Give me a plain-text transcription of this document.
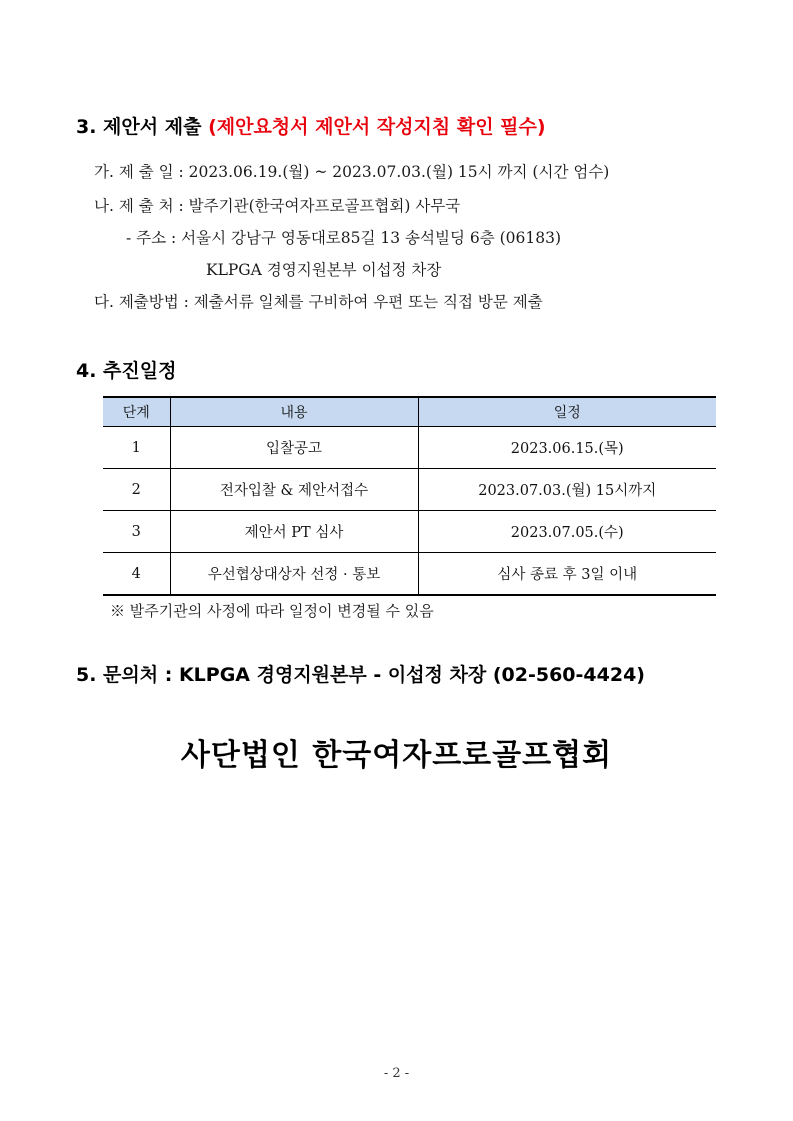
3. 제안서 제출 (제안요청서 제안서 작성지침 확인 필수)
가. 제 출 일 : 2023.06.19.(월) ~ 2023.07.03.(월) 15시 까지 (시간 엄수)
나. 제 출 처 : 발주기관(한국여자프로골프협회) 사무국
- 주소 : 서울시 강남구 영동대로85길 13 송석빌딩 6층 (06183)
KLPGA 경영지원본부 이섭정 차장
다. 제출방법 : 제출서류 일체를 구비하여 우편 또는 직접 방문 제출
4. 추진일정
단계	내용	일정
1	입찰공고	2023.06.15.(목)
2	전자입찰 & 제안서접수	2023.07.03.(월) 15시까지
3	제안서 PT 심사	2023.07.05.(수)
4	우선협상대상자 선정 · 통보	심사 종료 후 3일 이내
※ 발주기관의 사정에 따라 일정이 변경될 수 있음
5. 문의처 : KLPGA 경영지원본부 - 이섭정 차장 (02-560-4424)
사단법인 한국여자프로골프협회
- 2 -
